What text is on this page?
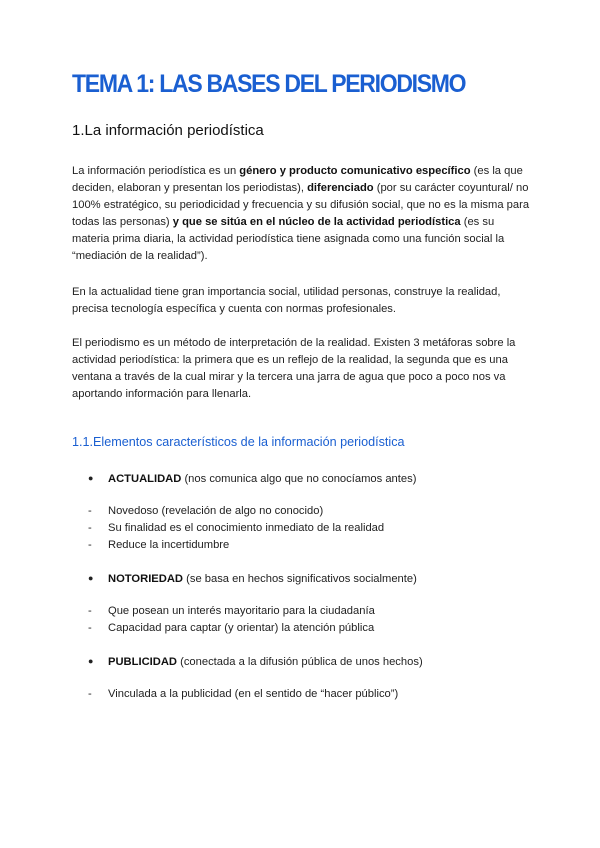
TEMA 1: LAS BASES DEL PERIODISMO
1.La información periodística

La información periodística es un género y producto comunicativo específico (es la que deciden, elaboran y presentan los periodistas), diferenciado (por su carácter coyuntural/ no 100% estratégico, su periodicidad y frecuencia y su difusión social, que no es la misma para todas las personas) y que se sitúa en el núcleo de la actividad periodística (es su materia prima diaria, la actividad periodística tiene asignada como una función social la “mediación de la realidad”).

En la actualidad tiene gran importancia social, utilidad personas, construye la realidad, precisa tecnología específica y cuenta con normas profesionales.

El periodismo es un método de interpretación de la realidad. Existen 3 metáforas sobre la actividad periodística: la primera que es un reflejo de la realidad, la segunda que es una ventana a través de la cual mirar y la tercera una jarra de agua que poco a poco nos va aportando información para llenarla.

1.1.Elementos característicos de la información periodística

● ACTUALIDAD (nos comunica algo que no conocíamos antes)

- Novedoso (revelación de algo no conocido)
- Su finalidad es el conocimiento inmediato de la realidad
- Reduce la incertidumbre

● NOTORIEDAD (se basa en hechos significativos socialmente)

- Que posean un interés mayoritario para la ciudadanía
- Capacidad para captar (y orientar) la atención pública

● PUBLICIDAD (conectada a la difusión pública de unos hechos)

- Vinculada a la publicidad (en el sentido de “hacer público”)
